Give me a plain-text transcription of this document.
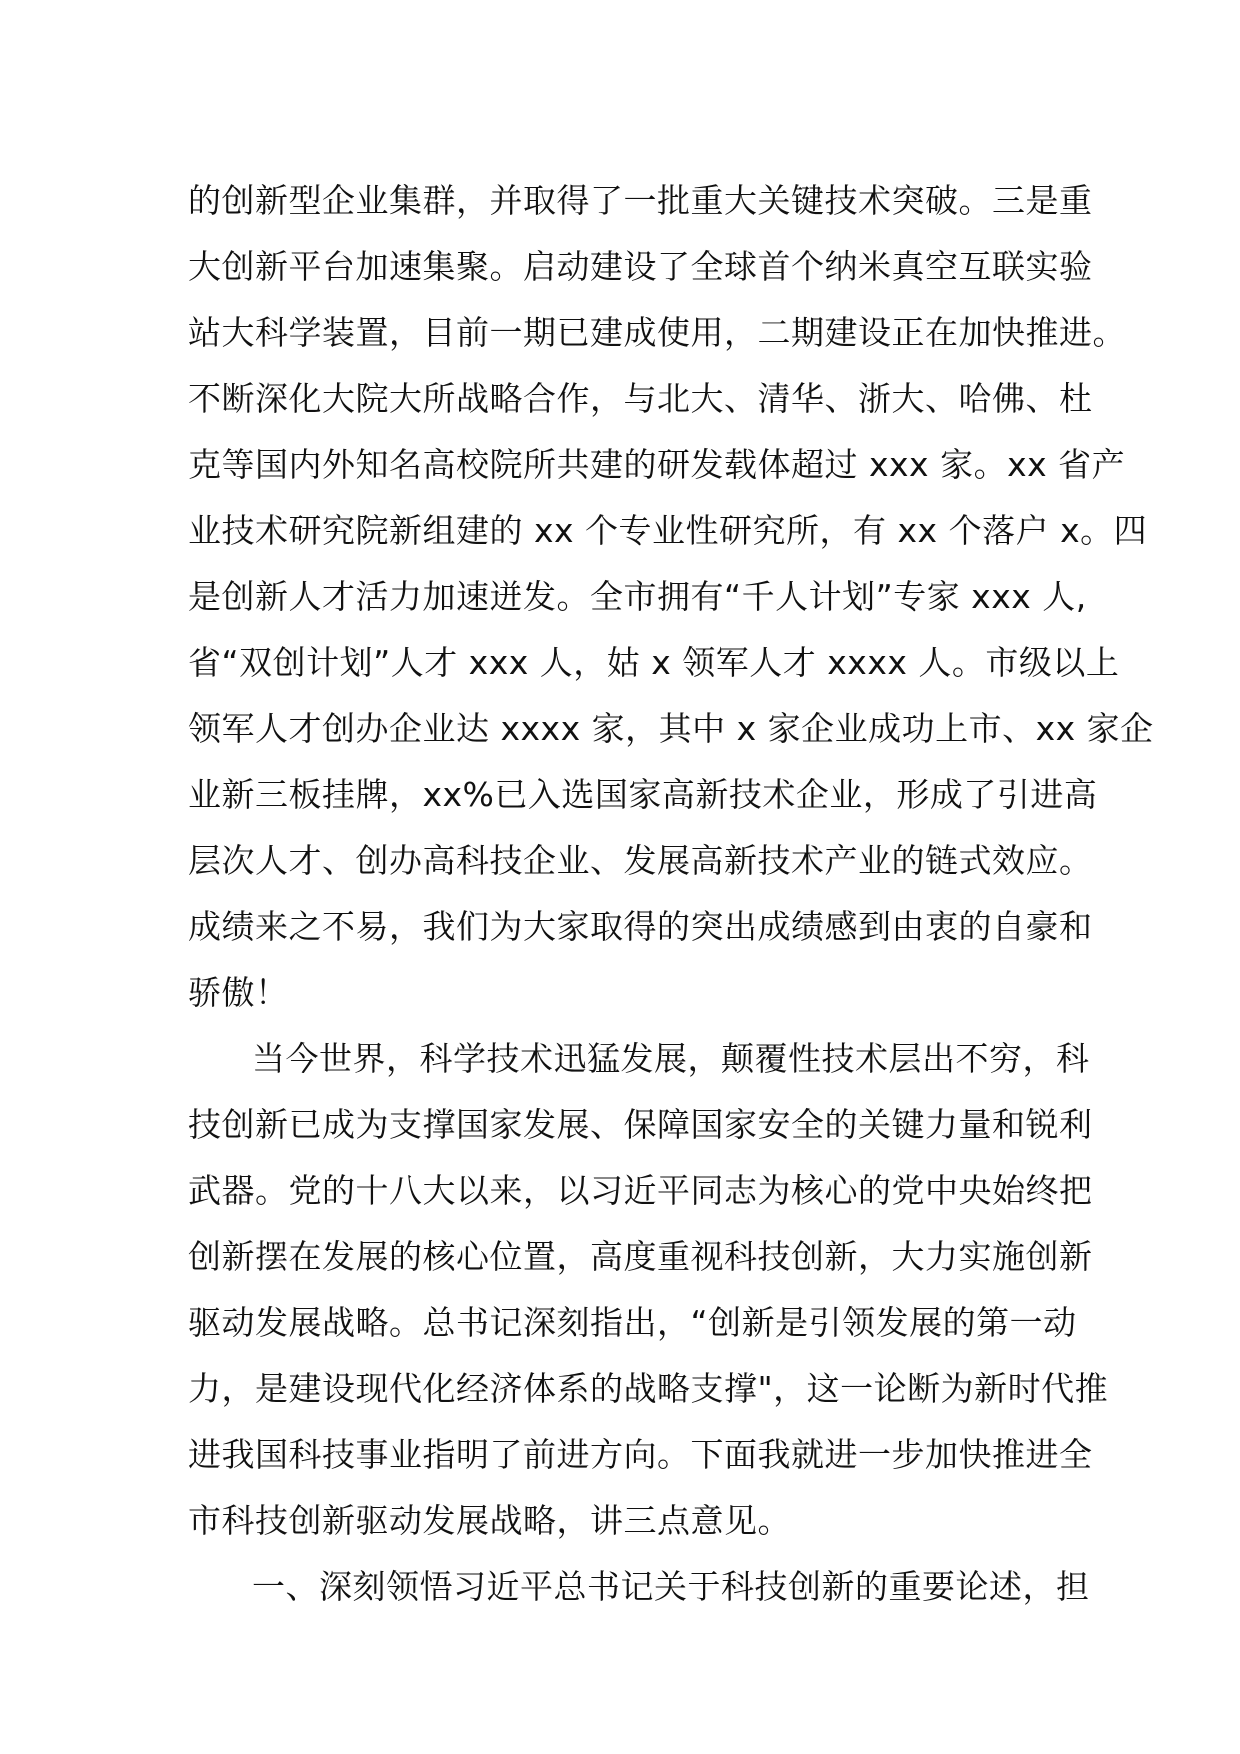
的创新型企业集群，并取得了一批重大关键技术突破。三是重
大创新平台加速集聚。启动建设了全球首个纳米真空互联实验
站大科学装置，目前一期已建成使用，二期建设正在加快推进。
不断深化大院大所战略合作，与北大、清华、浙大、哈佛、杜
克等国内外知名高校院所共建的研发载体超过 xxx 家。xx 省产
业技术研究院新组建的 xx 个专业性研究所，有 xx 个落户 x。四
是创新人才活力加速迸发。全市拥有“千人计划”专家 xxx 人,
省“双创计划”人才 xxx 人，姑 x 领军人才 xxxx 人。市级以上
领军人才创办企业达 xxxx 家，其中 x 家企业成功上市、xx 家企
业新三板挂牌，xx%已入选国家高新技术企业，形成了引进高
层次人才、创办高科技企业、发展高新技术产业的链式效应。
成绩来之不易，我们为大家取得的突出成绩感到由衷的自豪和
骄傲！
当今世界，科学技术迅猛发展，颠覆性技术层出不穷，科
技创新已成为支撑国家发展、保障国家安全的关键力量和锐利
武器。党的十八大以来，以习近平同志为核心的党中央始终把
创新摆在发展的核心位置，高度重视科技创新，大力实施创新
驱动发展战略。总书记深刻指出，“创新是引领发展的第一动
力，是建设现代化经济体系的战略支撑"，这一论断为新时代推
进我国科技事业指明了前进方向。下面我就进一步加快推进全
市科技创新驱动发展战略，讲三点意见。
一、深刻领悟习近平总书记关于科技创新的重要论述，担
